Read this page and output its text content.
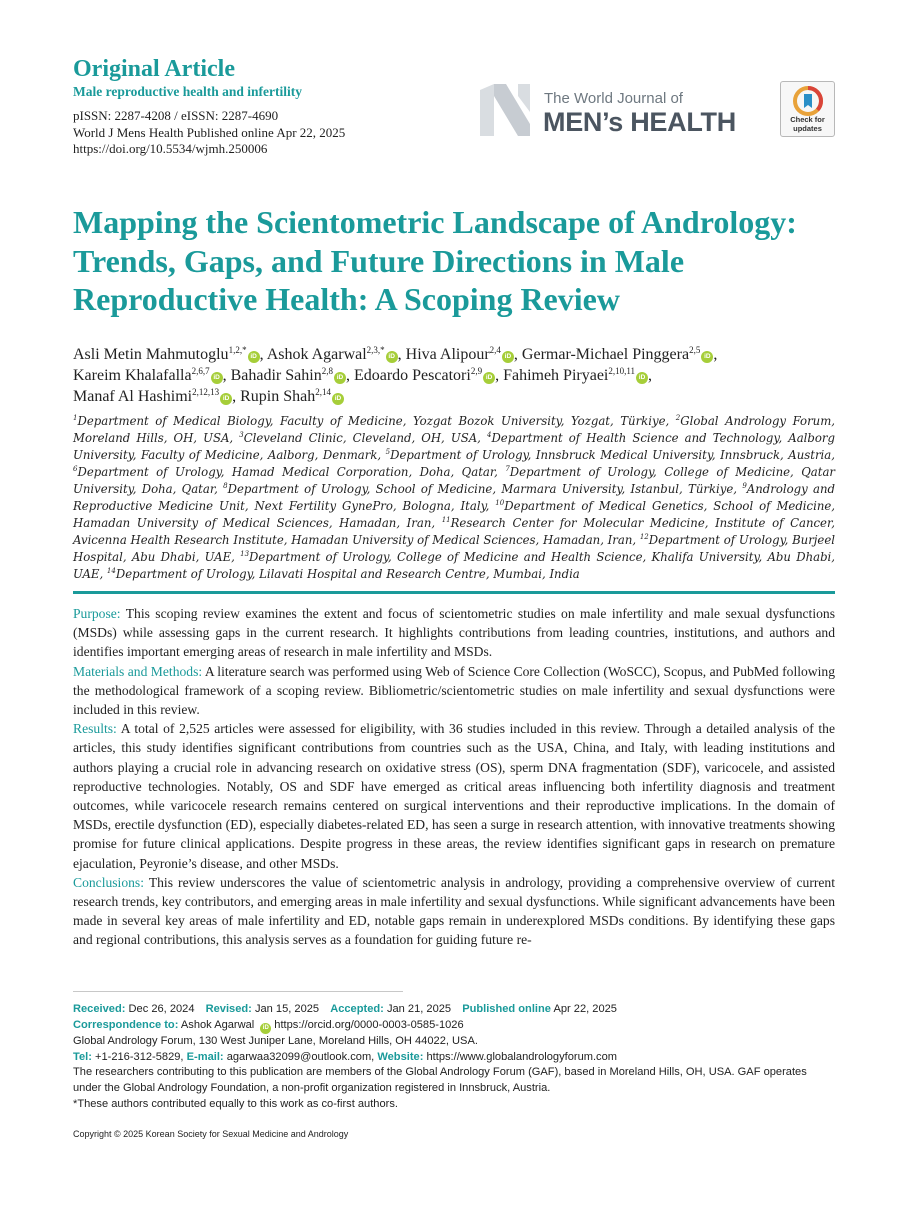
Original Article
Male reproductive health and infertility
pISSN: 2287-4208 / eISSN: 2287-4690
World J Mens Health Published online Apr 22, 2025
https://doi.org/10.5534/wjmh.250006
The World Journal of
MEN’s HEALTH	Check for
updates
Mapping the Scientometric Landscape of Andrology: Trends, Gaps, and Future Directions in Male Reproductive Health: A Scoping Review
Asli Metin Mahmutoglu$^{1,2,*}$iD , Ashok Agarwal$^{2,3,*}$iD , Hiva Alipour$^{2,4}$iD , Germar-Michael Pinggera$^{2,5}$iD ,
Kareim Khalafalla$^{2,6,7}$iD , Bahadir Sahin$^{2,8}$iD , Edoardo Pescatori$^{2,9}$iD , Fahimeh Piryaei$^{2,10,11}$iD ,
Manaf Al Hashimi$^{2,12,13}$iD , Rupin Shah$^{2,14}$iD
$^1$Department of Medical Biology, Faculty of Medicine, Yozgat Bozok University, Yozgat, Türkiye, $^2$Global Andrology Forum, Moreland Hills, OH, USA, $^3$Cleveland Clinic, Cleveland, OH, USA, $^4$Department of Health Science and Technology, Aalborg University, Faculty of Medicine, Aalborg, Denmark, $^5$Department of Urology, Innsbruck Medical University, Innsbruck, Austria, $^6$Department of Urology, Hamad Medical Corporation, Doha, Qatar, $^7$Department of Urology, College of Medicine, Qatar University, Doha, Qatar, $^8$Department of Urology, School of Medicine, Marmara University, Istanbul, Türkiye, $^9$Andrology and Reproductive Medicine Unit, Next Fertility GynePro, Bologna, Italy, $^{10}$Department of Medical Genetics, School of Medicine, Hamadan University of Medical Sciences, Hamadan, Iran, $^{11}$Research Center for Molecular Medicine, Institute of Cancer, Avicenna Health Research Institute, Hamadan University of Medical Sciences, Hamadan, Iran, $^{12}$Department of Urology, Burjeel Hospital, Abu Dhabi, UAE, $^{13}$Department of Urology, College of Medicine and Health Science, Khalifa University, Abu Dhabi, UAE, $^{14}$Department of Urology, Lilavati Hospital and Research Centre, Mumbai, India

Purpose: This scoping review examines the extent and focus of scientometric studies on male infertility and male sexual dysfunctions (MSDs) while assessing gaps in the current research. It highlights contributions from leading countries, institutions, and authors and identifies important emerging areas of research in male infertility and MSDs.

Materials and Methods: A literature search was performed using Web of Science Core Collection (WoSCC), Scopus, and PubMed following the methodological framework of a scoping review. Bibliometric/scientometric studies on male infertility and sexual dysfunctions were included in this review.

Results: A total of 2,525 articles were assessed for eligibility, with 36 studies included in this review. Through a detailed analysis of the articles, this study identifies significant contributions from countries such as the USA, China, and Italy, with leading institutions and authors playing a crucial role in advancing research on oxidative stress (OS), sperm DNA fragmentation (SDF), varicocele, and assisted reproductive technologies. Notably, OS and SDF have emerged as critical areas influencing both infertility diagnosis and treatment outcomes, while varicocele research remains centered on surgical interventions and their reproductive implications. In the domain of MSDs, erectile dysfunction (ED), especially diabetes-related ED, has seen a surge in research attention, with innovative treatments showing promise for future clinical applications. Despite progress in these areas, the review identifies significant gaps in research on premature ejaculation, Peyronie’s disease, and other MSDs.

Conclusions: This review underscores the value of scientometric analysis in andrology, providing a comprehensive overview of current research trends, key contributors, and emerging areas in male infertility and sexual dysfunctions. While significant advancements have been made in several key areas of male infertility and ED, notable gaps remain in underexplored MSDs conditions. By identifying these gaps and regional contributions, this analysis serves as a foundation for guiding future re-

Received: Dec 26, 2024 Revised: Jan 15, 2025 Accepted: Jan 21, 2025 Published online Apr 22, 2025
Correspondence to: Ashok Agarwal iD https://orcid.org/0000-0003-0585-1026
Global Andrology Forum, 130 West Juniper Lane, Moreland Hills, OH 44022, USA.
Tel: +1-216-312-5829, E-mail: agarwaa32099@outlook.com, Website: https://www.globalandrologyforum.com
The researchers contributing to this publication are members of the Global Andrology Forum (GAF), based in Moreland Hills, OH, USA. GAF operates under the Global Andrology Foundation, a non-profit organization registered in Innsbruck, Austria.
*These authors contributed equally to this work as co-first authors.
Copyright © 2025 Korean Society for Sexual Medicine and Andrology
